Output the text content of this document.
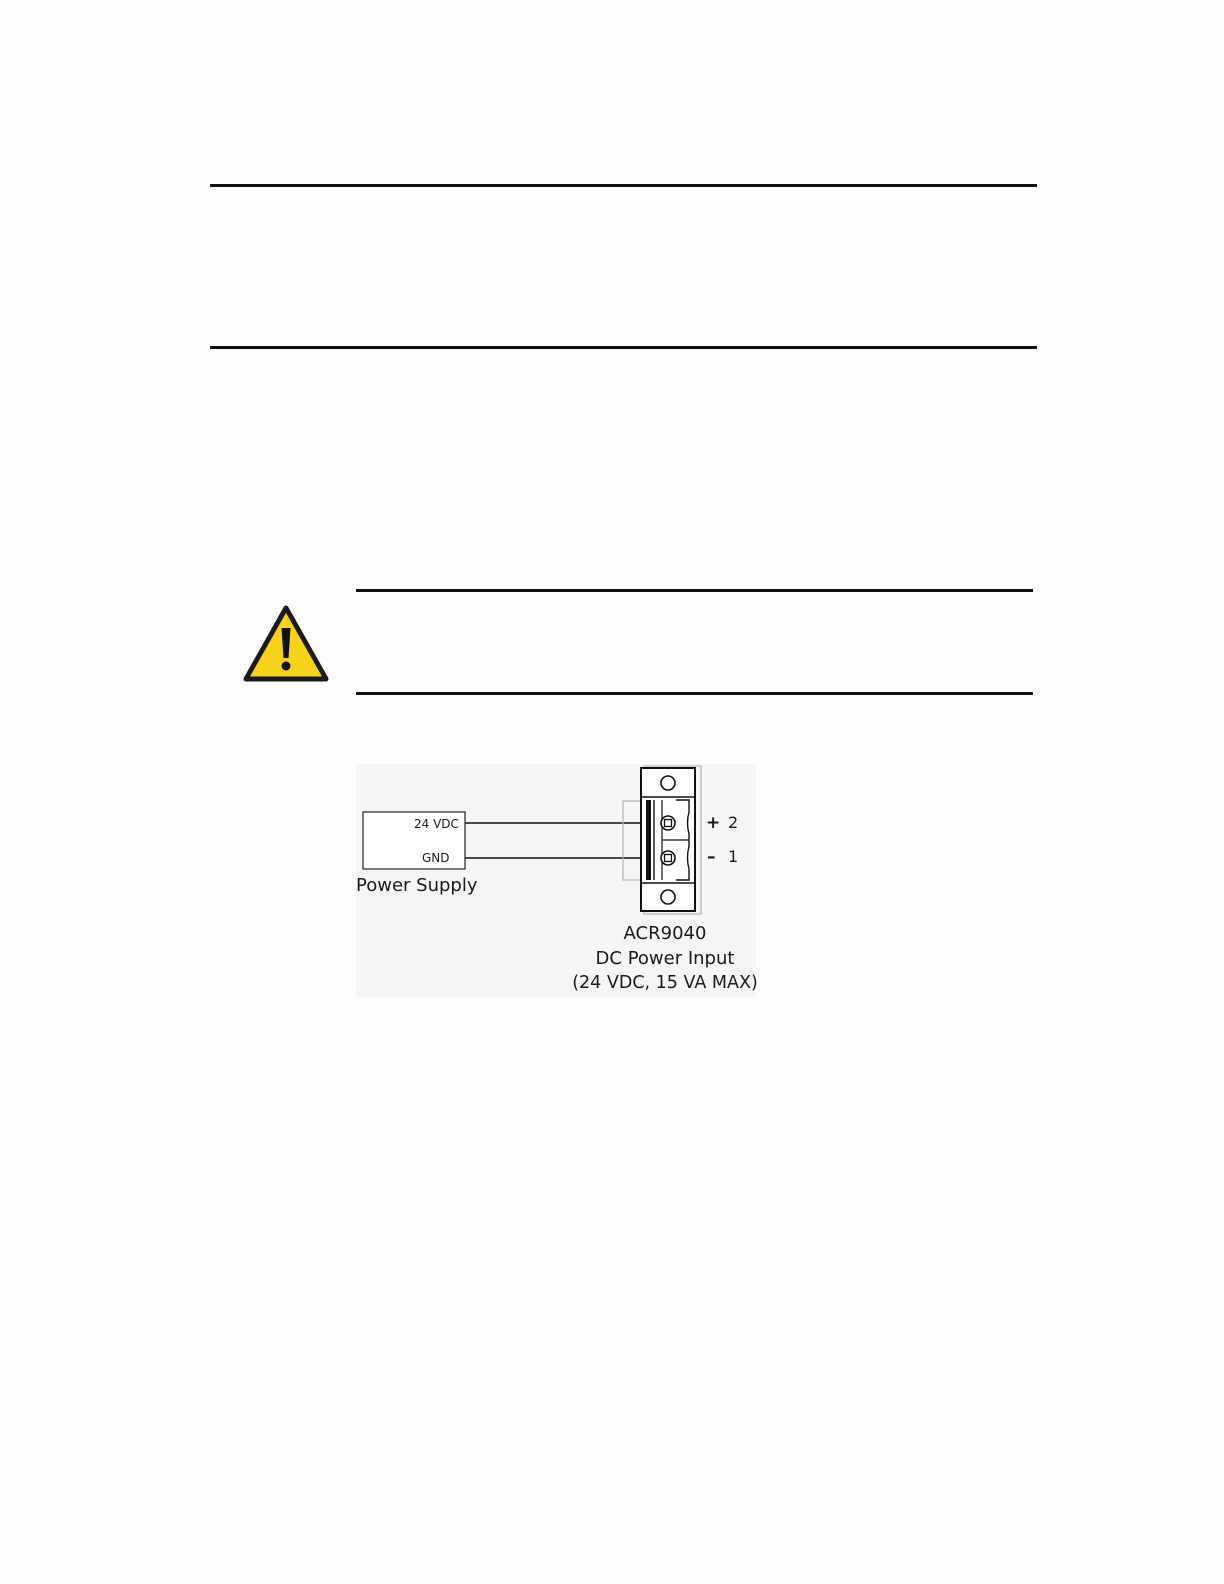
24 VDC
GND
Power Supply
+ 2
– 1
ACR9040
DC Power Input
(24 VDC, 15 VA MAX)
